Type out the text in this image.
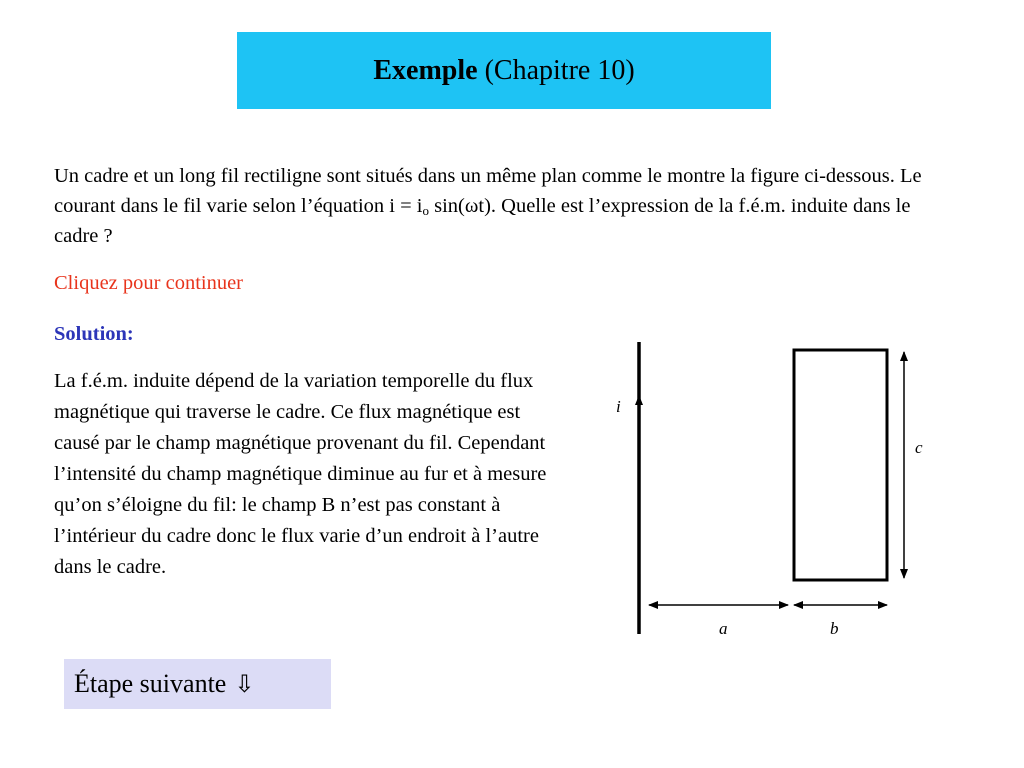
Exemple (Chapitre 10)
Un cadre et un long fil rectiligne sont situés dans un même plan comme le montre la figure ci-dessous. Le courant dans le fil varie selon l’équation $i = i_o$ sin(ωt). Quelle est l’expression de la f.é.m. induite dans le cadre ?
Cliquez pour continuer
Solution:
La f.é.m. induite dépend de la variation temporelle du flux magnétique qui traverse le cadre. Ce flux magnétique est causé par le champ magnétique provenant du fil. Cependant l’intensité du champ magnétique diminue au fur et à mesure qu’on s’éloigne du fil: le champ B n’est pas constant à l’intérieur du cadre donc le flux varie d’un endroit à l’autre dans le cadre.
i
c
a	b
Étape suivante ⇩
